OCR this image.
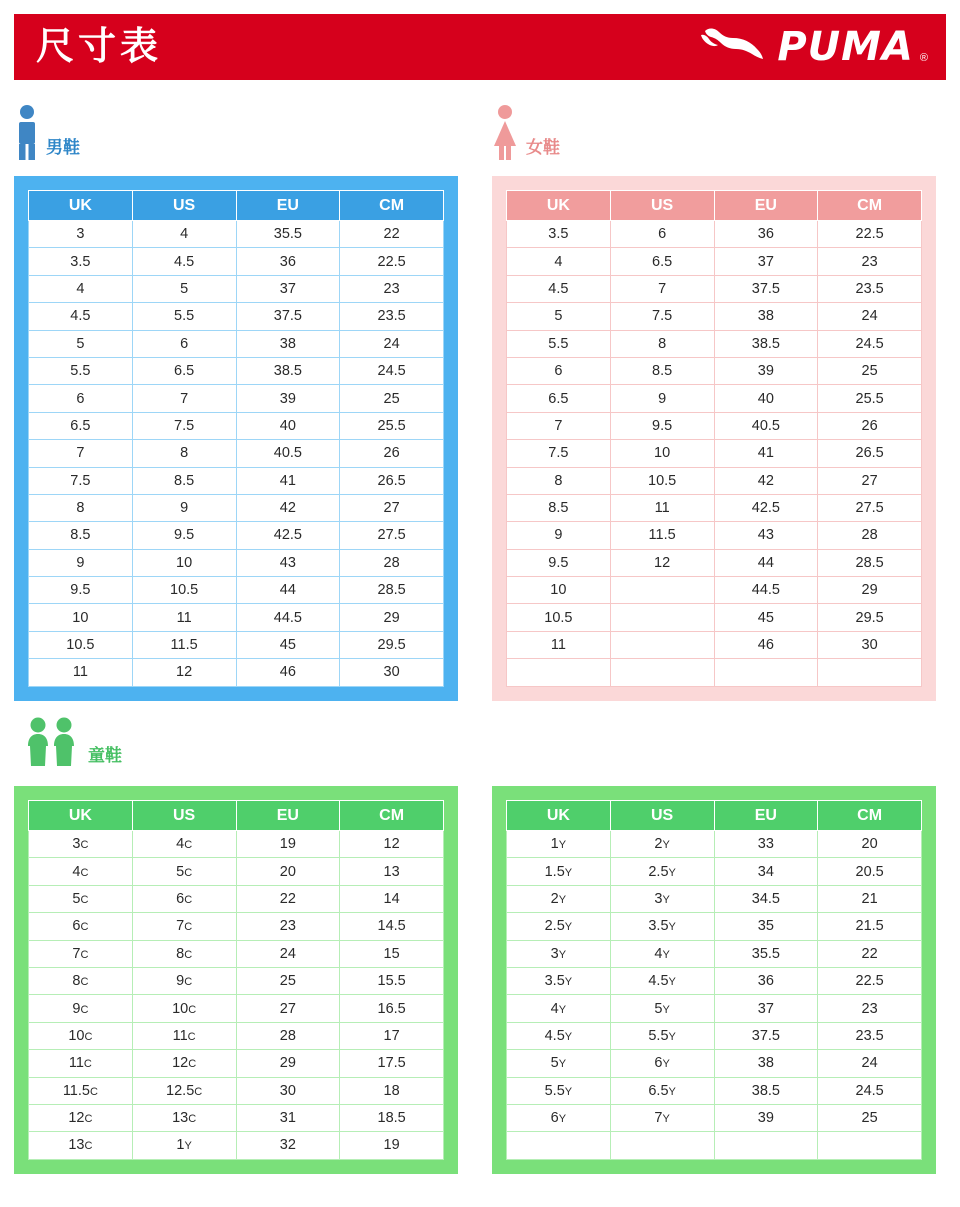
尺寸表	PUMA ®
男鞋	女鞋
童鞋
UK	US	EU	CM
3	4	35.5	22
3.5	4.5	36	22.5
4	5	37	23
4.5	5.5	37.5	23.5
5	6	38	24
5.5	6.5	38.5	24.5
6	7	39	25
6.5	7.5	40	25.5
7	8	40.5	26
7.5	8.5	41	26.5
8	9	42	27
8.5	9.5	42.5	27.5
9	10	43	28
9.5	10.5	44	28.5
10	11	44.5	29
10.5	11.5	45	29.5
11	12	46	30
UK	US	EU	CM
3.5	6	36	22.5
4	6.5	37	23
4.5	7	37.5	23.5
5	7.5	38	24
5.5	8	38.5	24.5
6	8.5	39	25
6.5	9	40	25.5
7	9.5	40.5	26
7.5	10	41	26.5
8	10.5	42	27
8.5	11	42.5	27.5
9	11.5	43	28
9.5	12	44	28.5
10		44.5	29
10.5		45	29.5
11		46	30

UK	US	EU	CM
3C	4C	19	12
4C	5C	20	13
5C	6C	22	14
6C	7C	23	14.5
7C	8C	24	15
8C	9C	25	15.5
9C	10C	27	16.5
10C	11C	28	17
11C	12C	29	17.5
11.5C	12.5C	30	18
12C	13C	31	18.5
13C	1Y	32	19
UK	US	EU	CM
1Y	2Y	33	20
1.5Y	2.5Y	34	20.5
2Y	3Y	34.5	21
2.5Y	3.5Y	35	21.5
3Y	4Y	35.5	22
3.5Y	4.5Y	36	22.5
4Y	5Y	37	23
4.5Y	5.5Y	37.5	23.5
5Y	6Y	38	24
5.5Y	6.5Y	38.5	24.5
6Y	7Y	39	25
